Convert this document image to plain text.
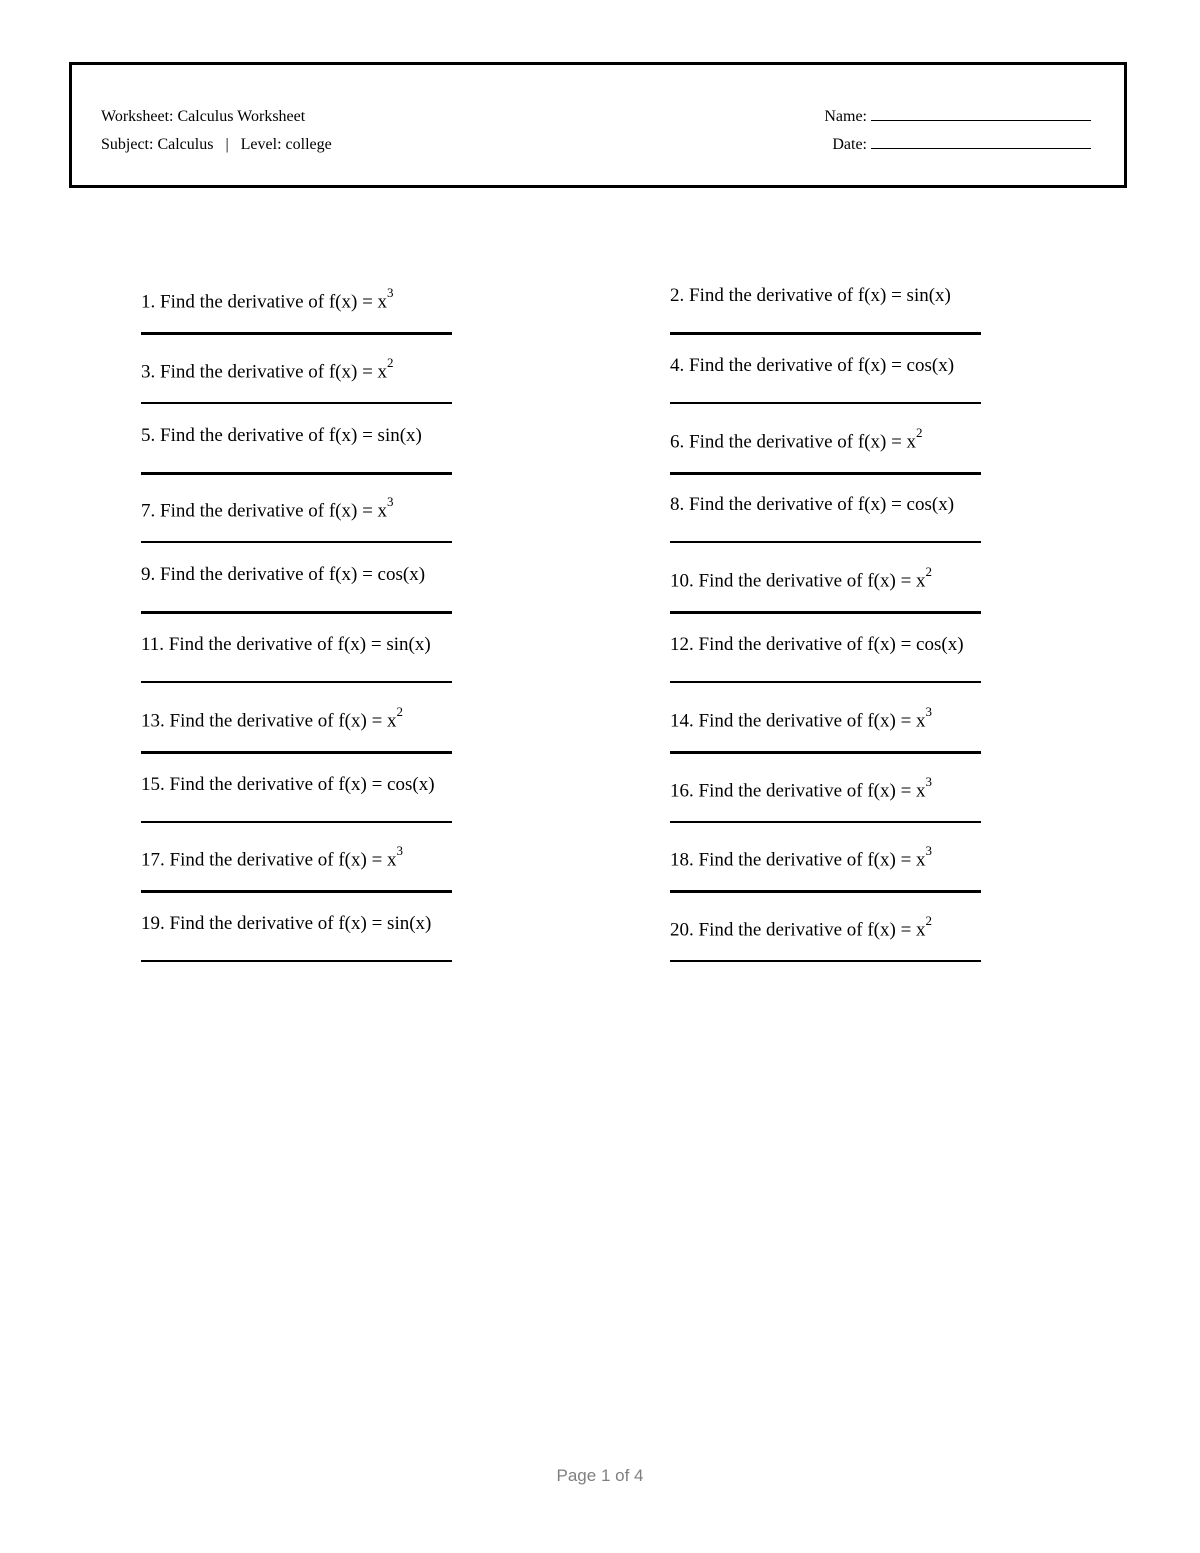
Worksheet: Calculus Worksheet
Subject: Calculus | Level: college
Name:
Date:
1. Find the derivative of $f(x) = x^3$	2. Find the derivative of f(x) = sin(x)
3. Find the derivative of $f(x) = x^2$	4. Find the derivative of f(x) = cos(x)
5. Find the derivative of f(x) = sin(x)	6. Find the derivative of $f(x) = x^2$
7. Find the derivative of $f(x) = x^3$	8. Find the derivative of f(x) = cos(x)
9. Find the derivative of f(x) = cos(x)	10. Find the derivative of $f(x) = x^2$
11. Find the derivative of f(x) = sin(x)	12. Find the derivative of f(x) = cos(x)
13. Find the derivative of $f(x) = x^2$	14. Find the derivative of $f(x) = x^3$
15. Find the derivative of f(x) = cos(x)	16. Find the derivative of $f(x) = x^3$
17. Find the derivative of $f(x) = x^3$	18. Find the derivative of $f(x) = x^3$
19. Find the derivative of f(x) = sin(x)	20. Find the derivative of $f(x) = x^2$
Page 1 of 4
